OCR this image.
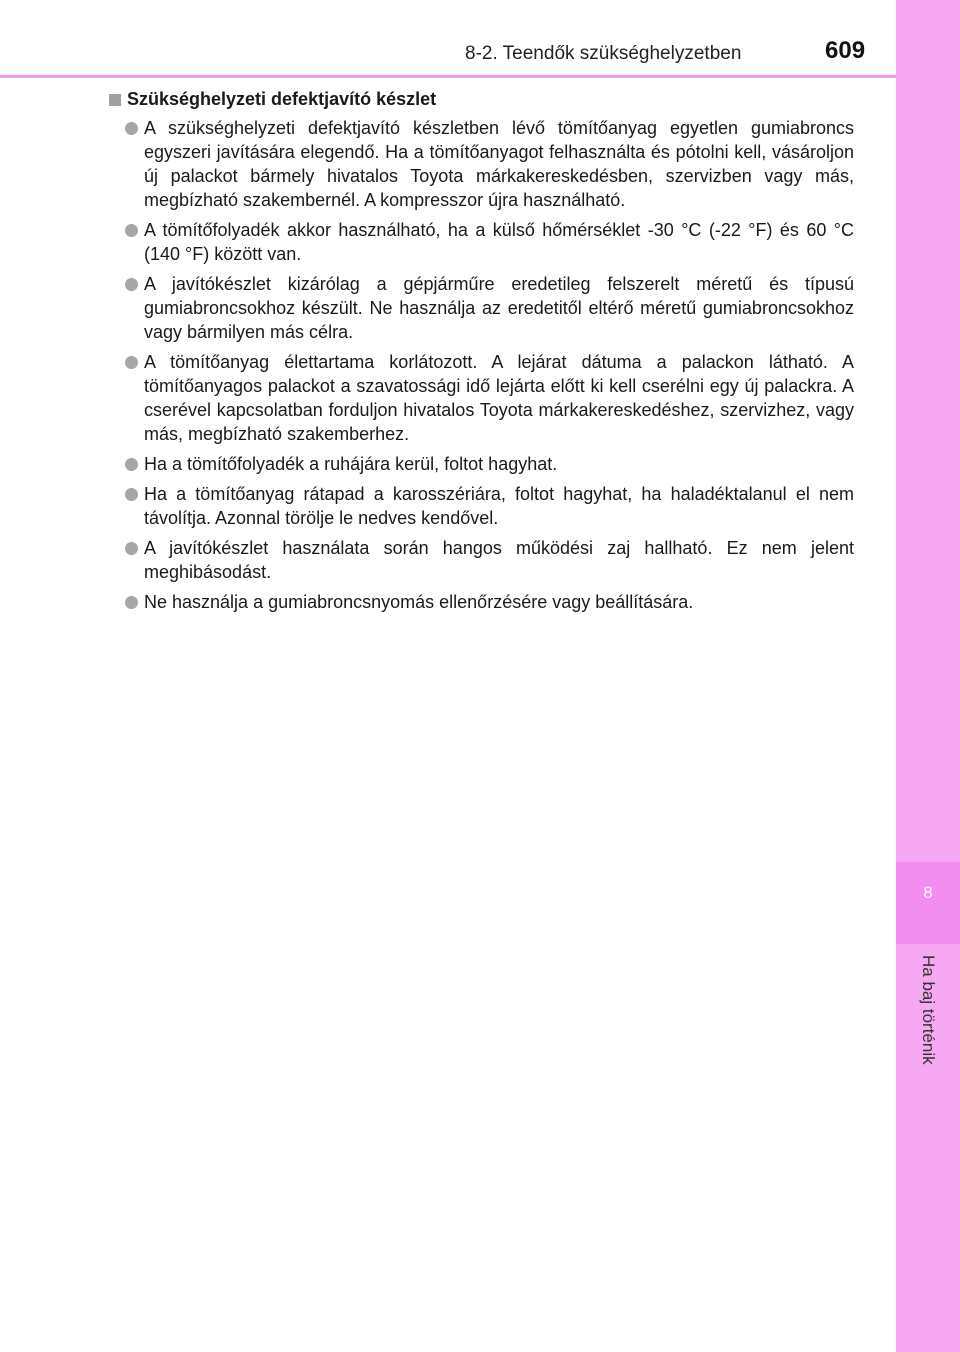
8-2. Teendők szükséghelyzetben	609
8
Ha baj történik
Szükséghelyzeti defektjavító készlet
A szükséghelyzeti defektjavító készletben lévő tömítőanyag egyetlen gumiabroncs egyszeri javítására elegendő. Ha a tömítőanyagot felhasználta és pótolni kell, vásároljon új palackot bármely hivatalos Toyota márkakereskedésben, szervizben vagy más, megbízható szakembernél. A kompresszor újra használható.
A tömítőfolyadék akkor használható, ha a külső hőmérséklet -30 °C (-22 °F) és 60 °C (140 °F) között van.
A javítókészlet kizárólag a gépjárműre eredetileg felszerelt méretű és típusú gumiabroncsokhoz készült. Ne használja az eredetitől eltérő méretű gumiabroncsokhoz vagy bármilyen más célra.
A tömítőanyag élettartama korlátozott. A lejárat dátuma a palackon látható. A tömítőanyagos palackot a szavatossági idő lejárta előtt ki kell cserélni egy új palackra. A cserével kapcsolatban forduljon hivatalos Toyota márkakereskedéshez, szervizhez, vagy más, megbízható szakemberhez.
Ha a tömítőfolyadék a ruhájára kerül, foltot hagyhat.
Ha a tömítőanyag rátapad a karosszériára, foltot hagyhat, ha haladéktalanul el nem távolítja. Azonnal törölje le nedves kendővel.
A javítókészlet használata során hangos működési zaj hallható. Ez nem jelent meghibásodást.
Ne használja a gumiabroncsnyomás ellenőrzésére vagy beállítására.
